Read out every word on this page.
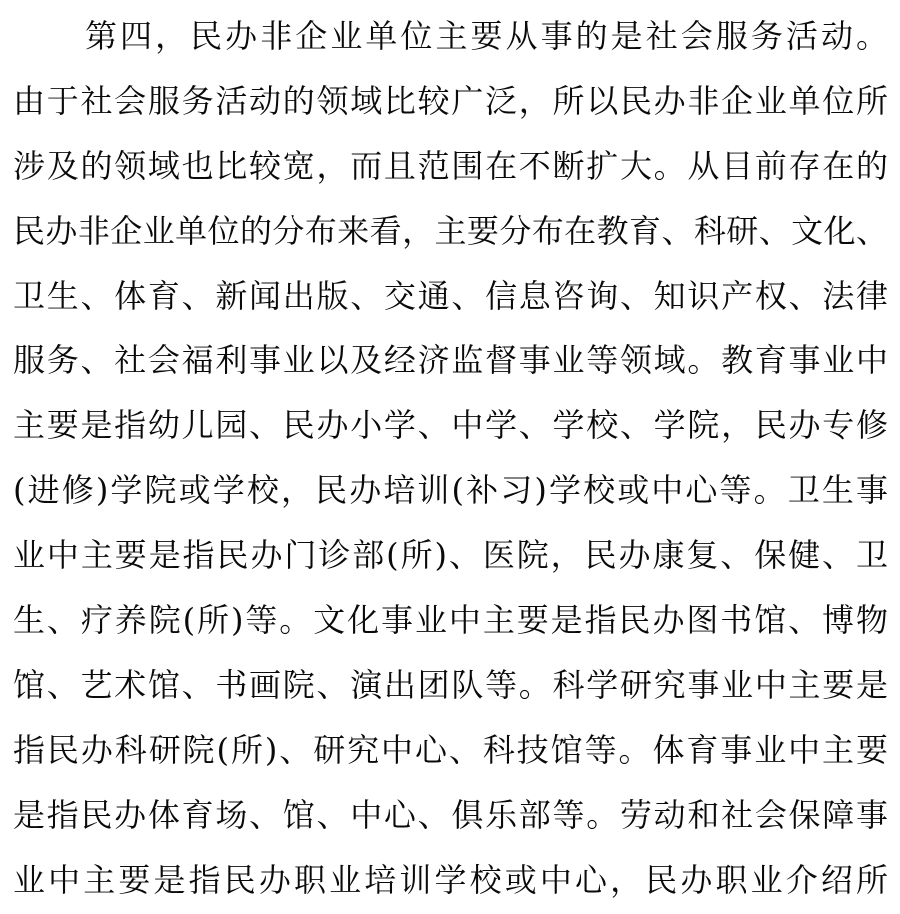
第四，民办非企业单位主要从事的是社会服务活动。
由于社会服务活动的领域比较广泛，所以民办非企业单位所
涉及的领域也比较宽，而且范围在不断扩大。从目前存在的
民办非企业单位的分布来看，主要分布在教育、科研、文化、
卫生、体育、新闻出版、交通、信息咨询、知识产权、法律
服务、社会福利事业以及经济监督事业等领域。教育事业中
主要是指幼儿园、民办小学、中学、学校、学院，民办专修
(进修)学院或学校，民办培训(补习)学校或中心等。卫生事
业中主要是指民办门诊部(所)、医院，民办康复、保健、卫
生、疗养院(所)等。文化事业中主要是指民办图书馆、博物
馆、艺术馆、书画院、演出团队等。科学研究事业中主要是
指民办科研院(所)、研究中心、科技馆等。体育事业中主要
是指民办体育场、馆、中心、俱乐部等。劳动和社会保障事
业中主要是指民办职业培训学校或中心，民办职业介绍所
